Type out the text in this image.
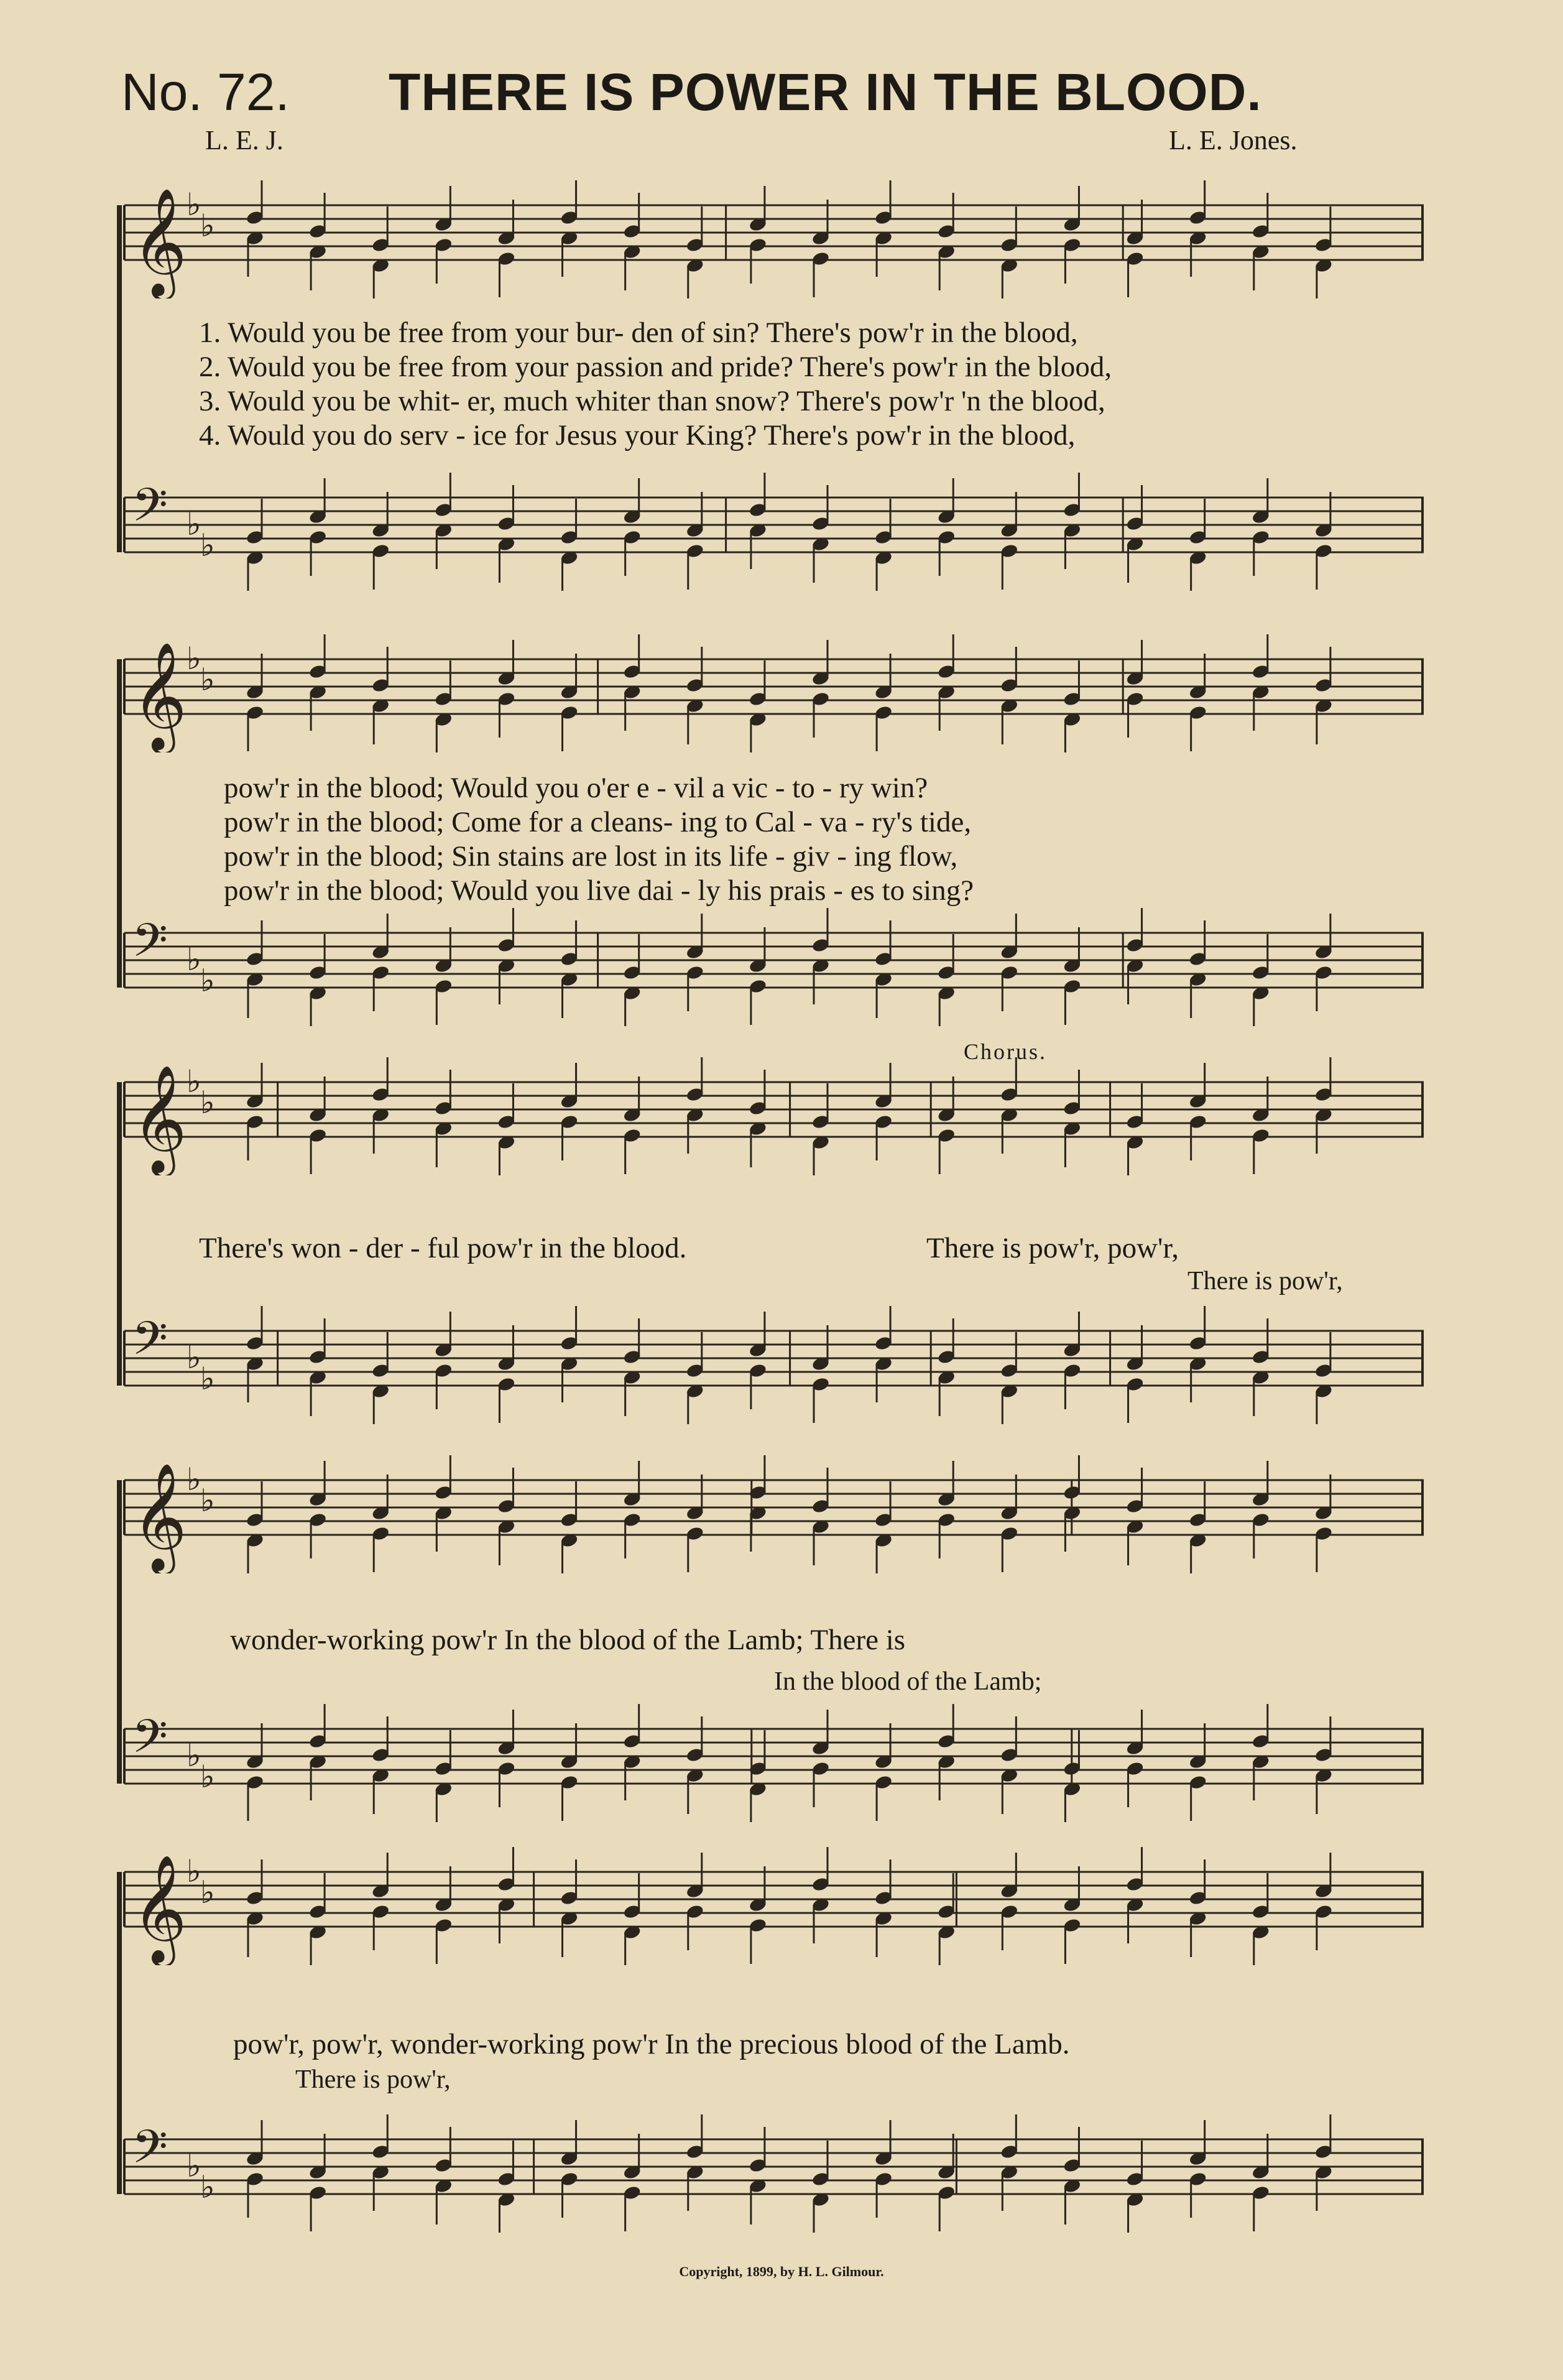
No. 72. THERE IS POWER IN THE BLOOD.
L. E. J.	L. E. Jones.
𝄞 ♭
♭
1. Would you be free from your bur- den of sin? There's pow'r in the blood,
2. Would you be free from your passion and pride? There's pow'r in the blood,
3. Would you be whit- er, much whiter than snow? There's pow'r 'n the blood,
4. Would you do serv - ice for Jesus your King? There's pow'r in the blood,
𝄢 ♭
♭
𝄞 ♭
♭
pow'r in the blood; Would you o'er e - vil a vic - to - ry win?
pow'r in the blood; Come for a cleans- ing to Cal - va - ry's tide,
pow'r in the blood; Sin stains are lost in its life - giv - ing flow,
pow'r in the blood; Would you live dai - ly his prais - es to sing?
𝄢 ♭
♭
Chorus.
𝄞 ♭
♭
There's won - der - ful pow'r in the blood.	There is pow'r, pow'r,
There is pow'r,
𝄢 ♭
♭
𝄞 ♭
♭
wonder-working pow'r In the blood of the Lamb; There is
In the blood of the Lamb;
𝄢 ♭
♭
𝄞 ♭
♭
pow'r, pow'r, wonder-working pow'r In the precious blood of the Lamb.
There is pow'r,
𝄢 ♭
♭
Copyright, 1899, by H. L. Gilmour.
